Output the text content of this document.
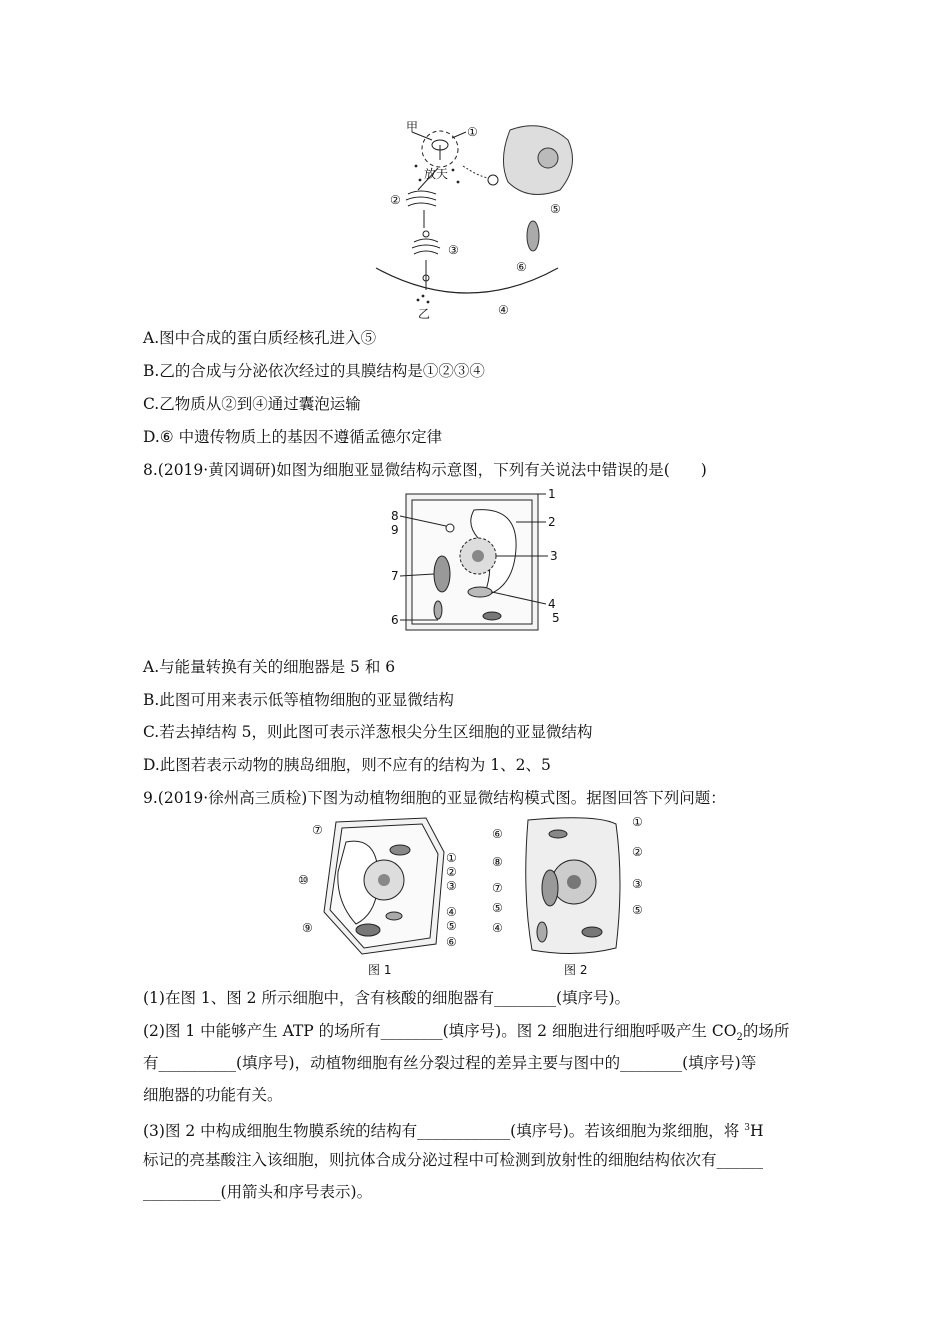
甲	①
放天
⑤
②
③
⑥
乙	④
A.图中合成的蛋白质经核孔进入⑤
B.乙的合成与分泌依次经过的具膜结构是①②③④
C.乙物质从②到④通过囊泡运输
D.⑥ 中遗传物质上的基因不遵循孟德尔定律
8.(2019·黄冈调研)如图为细胞亚显微结构示意图，下列有关说法中错误的是(　　)
1
2
3
4
5
6
7
8
9
A.与能量转换有关的细胞器是 5 和 6
B.此图可用来表示低等植物细胞的亚显微结构
C.若去掉结构 5，则此图可表示洋葱根尖分生区细胞的亚显微结构
D.此图若表示动物的胰岛细胞，则不应有的结构为 1、2、5
9.(2019·徐州高三质检)下图为动植物细胞的亚显微结构模式图。据图回答下列问题：
⑦
⑩
⑨
①
②
③
④
⑤
⑥
图 1
⑥
⑧
⑦
⑤
④
①
②
③
⑤
图 2
(1)在图 1、图 2 所示细胞中，含有核酸的细胞器有________(填序号)。
(2)图 1 中能够产生 ATP 的场所有________(填序号)。图 2 细胞进行细胞呼吸产生 $CO_2$的场所
有__________(填序号)，动植物细胞有丝分裂过程的差异主要与图中的________(填序号)等
细胞器的功能有关。
(3)图 2 中构成细胞生物膜系统的结构有____________(填序号)。若该细胞为浆细胞，将 $^3$H
标记的亮基酸注入该细胞，则抗体合成分泌过程中可检测到放射性的细胞结构依次有______
__________(用箭头和序号表示)。
